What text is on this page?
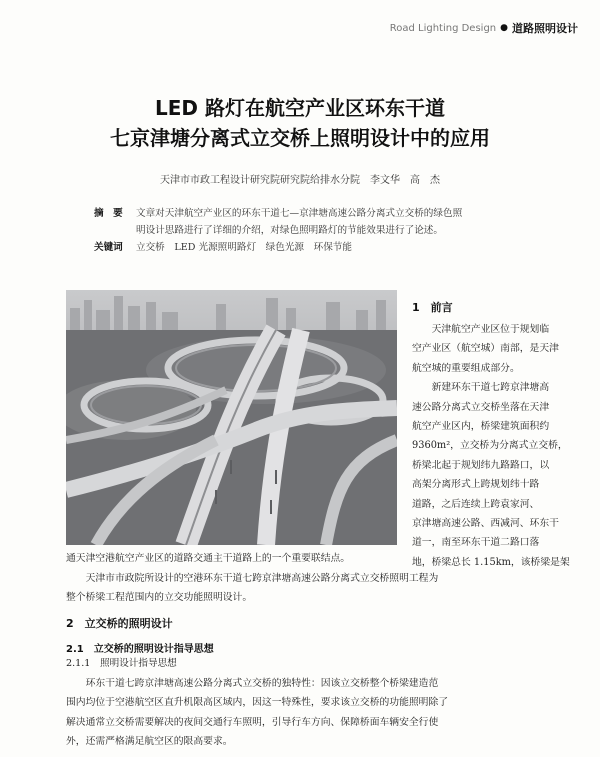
Road Lighting Design ● 道路照明设计
LED 路灯在航空产业区环东干道
七京津塘分离式立交桥上照明设计中的应用
天津市市政工程设计研究院研究院给排水分院　李文华　高　杰
摘　要 文章对天津航空产业区的环东干道七—京津塘高速公路分离式立交桥的绿色照
明设计思路进行了详细的介绍，对绿色照明路灯的节能效果进行了论述。
关键词 立交桥　LED 光源照明路灯　绿色光源　环保节能
1　前言
天津航空产业区位于规划临
空产业区（航空城）南部，是天津
航空城的重要组成部分。
新建环东干道七跨京津塘高
速公路分离式立交桥坐落在天津
航空产业区内，桥梁建筑面积约
9360m²，立交桥为分离式立交桥，
桥梁北起于规划纬九路路口，以
高架分离形式上跨规划纬十路
道路，之后连续上跨袁家河、
京津塘高速公路、西减河、环东干
道一，南至环东干道二路口落
地，桥梁总长 1.15km，该桥梁是架
通天津空港航空产业区的道路交通主干道路上的一个重要联结点。
天津市市政院所设计的空港环东干道七跨京津塘高速公路分离式立交桥照明工程为
整个桥梁工程范围内的立交功能照明设计。
2　立交桥的照明设计
2.1　立交桥的照明设计指导思想
2.1.1　照明设计指导思想
环东干道七跨京津塘高速公路分离式立交桥的独特性：因该立交桥整个桥梁建造范
围内均位于空港航空区直升机限高区域内，因这一特殊性，要求该立交桥的功能照明除了
解决通常立交桥需要解决的夜间交通行车照明，引导行车方向、保障桥面车辆安全行使
外，还需严格满足航空区的限高要求。
